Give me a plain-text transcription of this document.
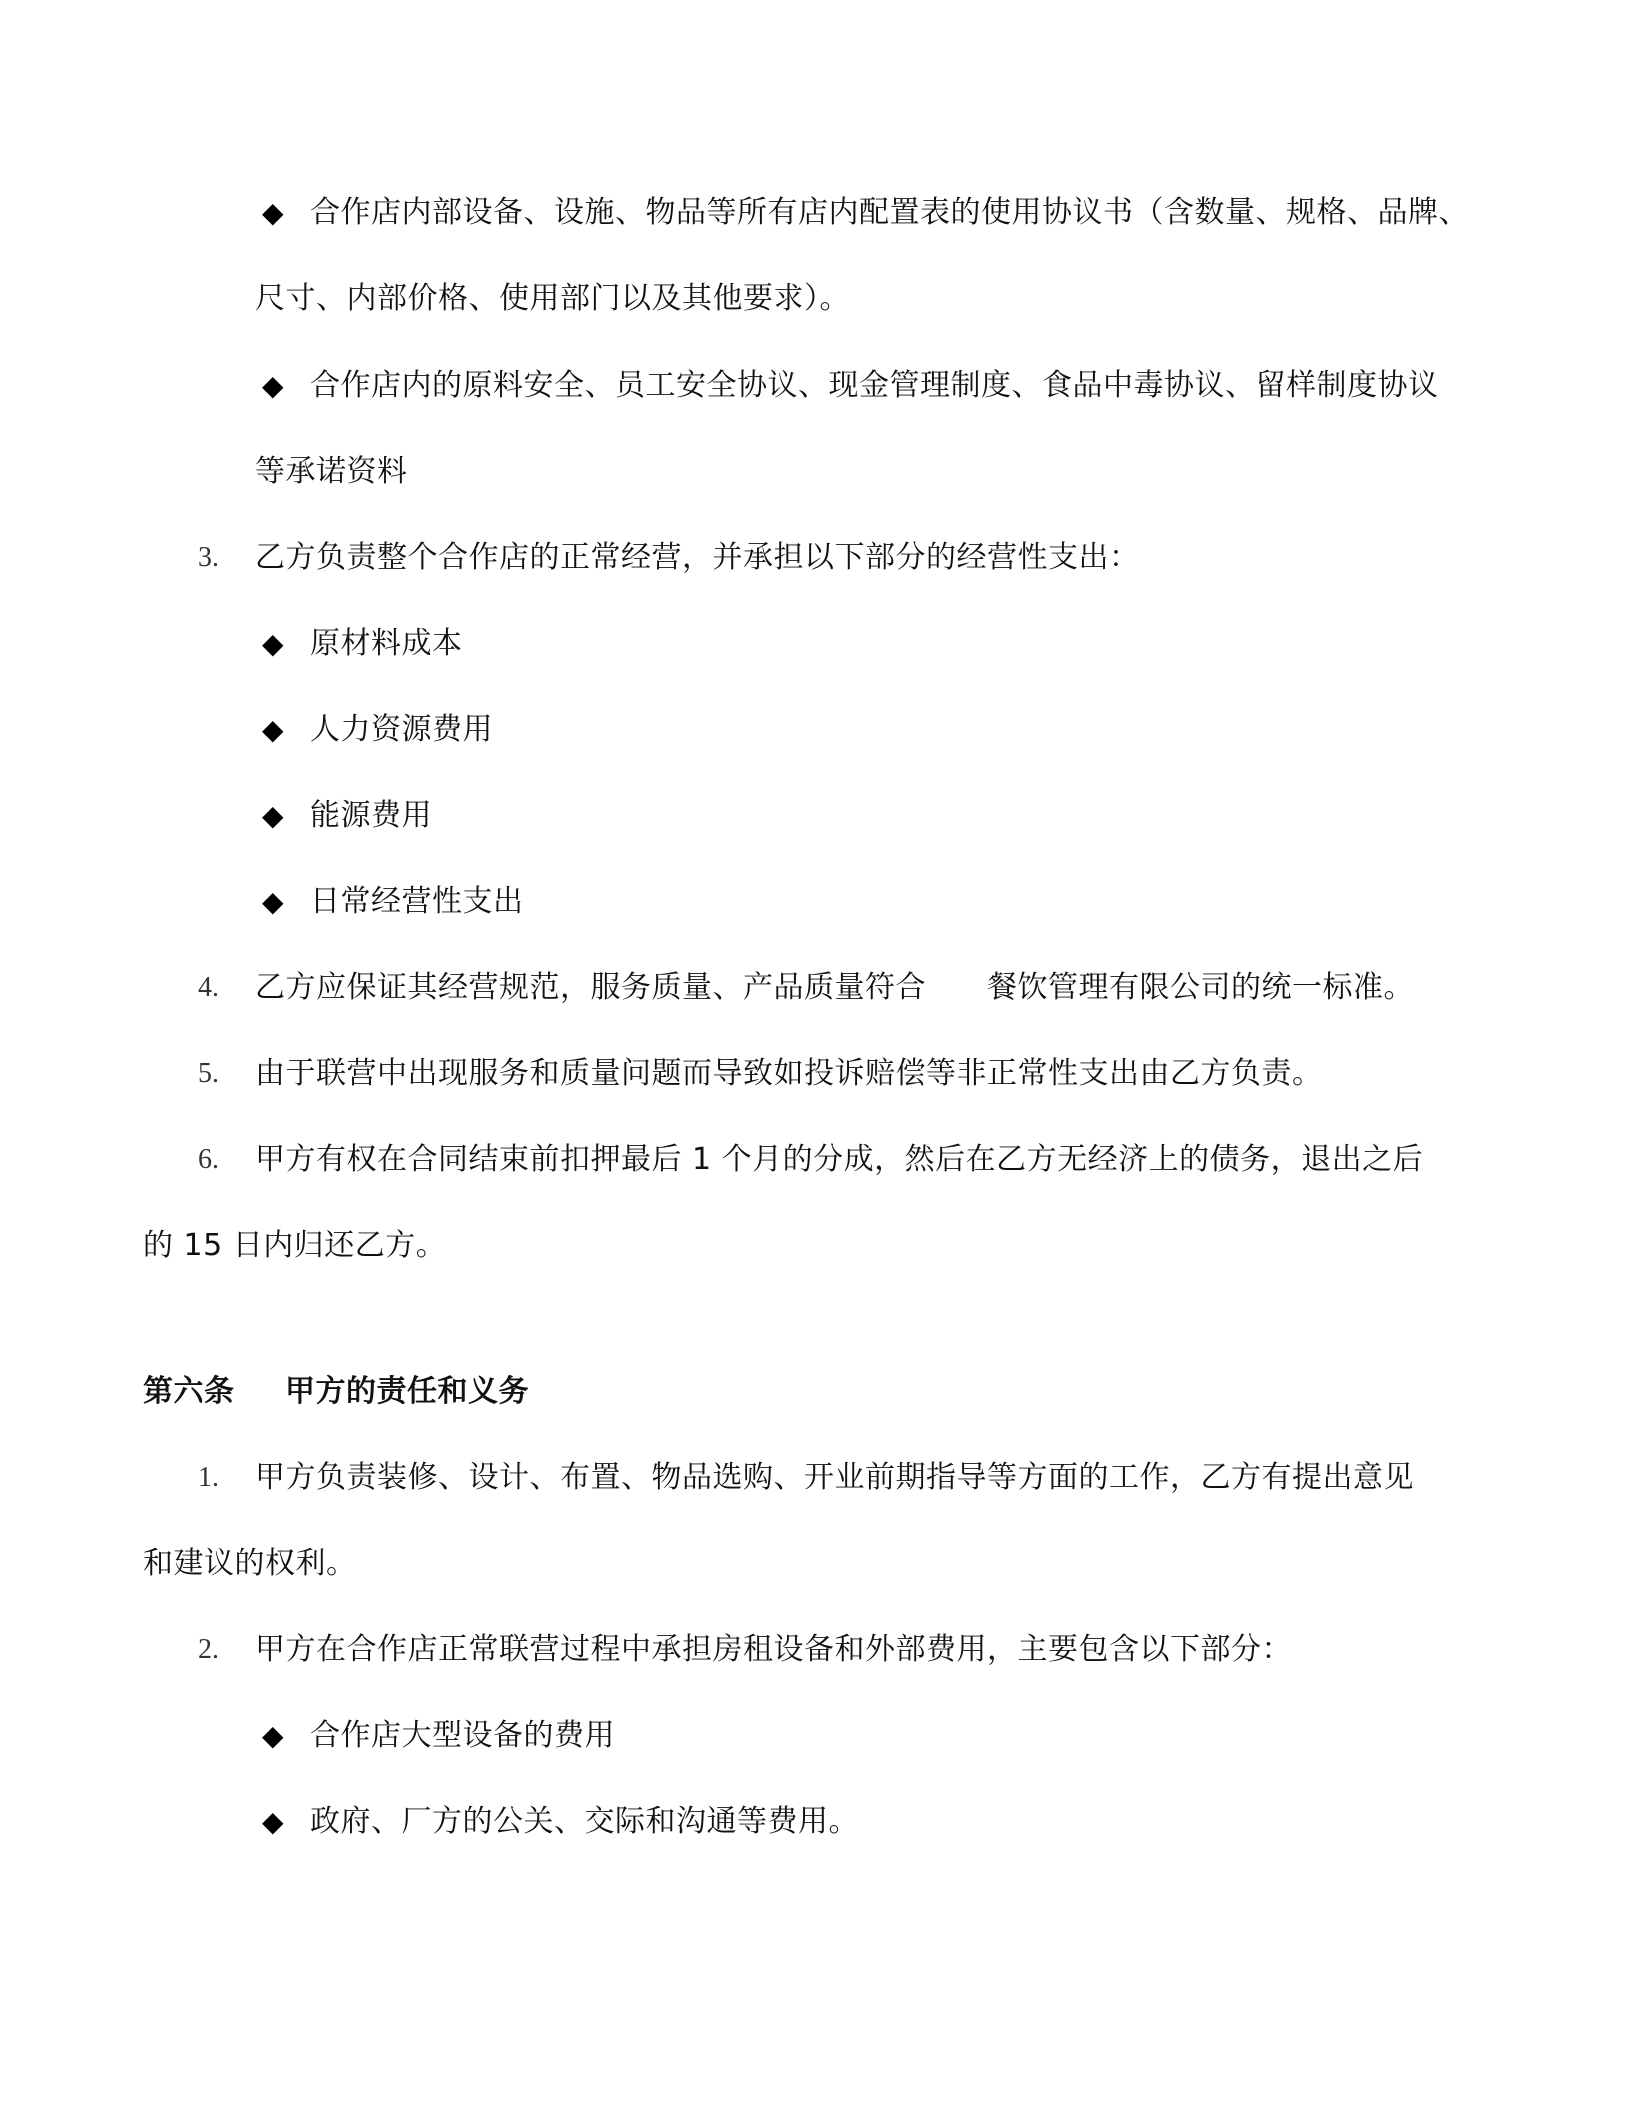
◆ 合作店内部设备、设施、物品等所有店内配置表的使用协议书（含数量、规格、品牌、
尺寸、内部价格、使用部门以及其他要求）。
◆ 合作店内的原料安全、员工安全协议、现金管理制度、食品中毒协议、留样制度协议
等承诺资料
3. 乙方负责整个合作店的正常经营，并承担以下部分的经营性支出：
◆ 原材料成本
◆ 人力资源费用
◆ 能源费用
◆ 日常经营性支出
4. 乙方应保证其经营规范，服务质量、产品质量符合　　餐饮管理有限公司的统一标准。
5. 由于联营中出现服务和质量问题而导致如投诉赔偿等非正常性支出由乙方负责。
6. 甲方有权在合同结束前扣押最后 1 个月的分成，然后在乙方无经济上的债务，退出之后
的 15 日内归还乙方。
第六条 甲方的责任和义务
1. 甲方负责装修、设计、布置、物品选购、开业前期指导等方面的工作，乙方有提出意见
和建议的权利。
2. 甲方在合作店正常联营过程中承担房租设备和外部费用，主要包含以下部分：
◆ 合作店大型设备的费用
◆ 政府、厂方的公关、交际和沟通等费用。
